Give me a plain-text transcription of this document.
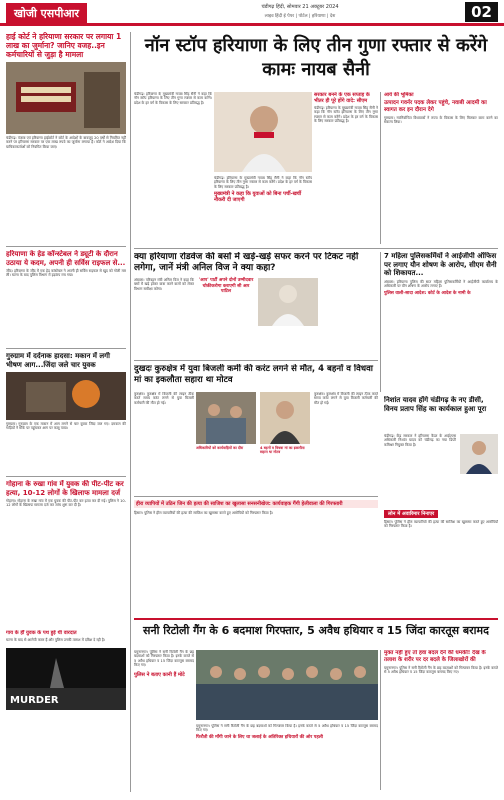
खोजी एसपीआर	चंडीगढ़ हिंदी, सोमवार 21 अक्टूबर 2024
लाइव हिंदी ई पेपर | पोर्टल | हरियाणा | देश	02
हाई कोर्ट ने हरियाणा सरकार पर लगाया 1 लाख का जुर्माना? जानिए वजह..इन कर्मचारियों से जुड़ा है मामला
चंडीगढ़। पंजाब एवं हरियाणा हाईकोर्ट ने कोर्ट के आदेशों के बावजूद 20 वर्षों से नियमित नहीं करने पर हरियाणा सरकार पर एक लाख रुपये का जुर्माना लगाया है। कोर्ट ने आदेश दिया कि याचिकाकर्ताओं को नियमित किया जाए।
हरियाणा के हेड कॉन्स्टेबल ने ड्यूटी के दौरान उठाया ये कदम, अपनी ही सर्विस राइफल से...
जींद। हरियाणा के जींद में एक हेड कांस्टेबल ने अपनी ही सर्विस राइफल से खुद को गोली मार ली। घटना के बाद पुलिस विभाग में हड़कंप मच गया।
गुरुग्राम में दर्दनाक हादसा: मकान में लगी भीषण आग...जिंदा जले चार युवक
गुरुग्राम। गुरुग्राम के एक मकान में आग लगने से चार युवक जिंदा जल गए। दमकल की गाड़ियों ने मौके पर पहुंचकर आग पर काबू पाया।
गोहाना के रुखा गांव में युवक की पीट-पीट कर हत्या, 10-12 लोगों के खिलाफ मामला दर्ज
गोहाना। गोहाना के रुखा गांव में एक युवक की पीट-पीट कर हत्या कर दी गई। पुलिस ने 10-12 लोगों के खिलाफ मामला दर्ज कर जांच शुरू कर दी है।
गाय के हीं युवक के पथ हुई थी वारदात
घटना के बाद से आरोपी फरार हैं और पुलिस उनकी तलाश में दबिश दे रही है।
MURDER
नॉन स्टॉप हरियाणा के लिए तीन गुणा रफ्तार से करेंगे कामः नायब सैनी
चंडीगढ़। हरियाणा के मुख्यमंत्री नायब सिंह सैनी ने कहा कि नॉन स्टॉप हरियाणा के लिए तीन गुणा रफ्तार से काम करेंगे। प्रदेश के हर वर्ग के विकास के लिए सरकार प्रतिबद्ध है।
चंडीगढ़। हरियाणा के मुख्यमंत्री नायब सिंह सैनी ने कहा कि नॉन स्टॉप हरियाणा के लिए तीन गुणा रफ्तार से काम करेंगे। प्रदेश के हर वर्ग के विकास के लिए सरकार प्रतिबद्ध है।
मुख्यमंत्री ने कहा कि युवाओं को बिना पर्ची-खर्ची नौकरी दी जाएगी
सरकार बनने के एक सप्ताह के भीतर ही पूरे होंगे वादे: सीएम
चंडीगढ़। हरियाणा के मुख्यमंत्री नायब सिंह सैनी ने कहा कि नॉन स्टॉप हरियाणा के लिए तीन गुणा रफ्तार से काम करेंगे। प्रदेश के हर वर्ग के विकास के लिए सरकार प्रतिबद्ध है।
आर्य की भूमिका
उत्पादन गवर्नर पदक लेकर पहुंचे, नवाबी आदमी का स्वागत कर इन दौरान देगे
गुरुग्राम। नवनिर्वाचित विधायकों ने राज्य के विकास के लिए मिलकर काम करने का संकल्प लिया।
क्या हरियाणा रोडवेज की बसों में खड़े-खड़े सफर करने पर टिकट नहीं लगेगा, जानें मंत्री अनिल विज ने क्या कहा?
अंबाला। परिवहन मंत्री अनिल विज ने कहा कि बसों में खड़े होकर यात्रा करने वालों को लेकर विभाग समीक्षा करेगा।
'आप' पार्टी अपने दोनों उम्मीदवार चोकीकरोगा कराएगी सी आर पाटिल
7 महिला पुलिसकर्मियों ने आईजीपी ऑफिस पर लगाए यौन शोषण के आरोप, सीएम सैनी को शिकायत...
अंबाला। हरियाणा पुलिस की सात महिला पुलिसकर्मियों ने आईजीपी कार्यालय के अधिकारी पर यौन शोषण के आरोप लगाए हैं।
पुलिस वाली-सादा आदेश: कोर्ट के आदेश के नामी के
दुखदः कुरुक्षेत्र में युवा बिजली कर्मी की करंट लगने से मौत, 4 बहनों व विधवा मां का इकलौता सहारा था मोटव
कुरुक्षेत्र। कुरुक्षेत्र में बिजली की लाइन ठीक करते समय करंट लगने से युवा बिजली कर्मचारी की मौत हो गई।
अधिकारियों को कार्यवाहियों का दौरा	4 बहनों व विधवा मां का इकलौता सहारा था मोटव
कुरुक्षेत्र। कुरुक्षेत्र में बिजली की लाइन ठीक करते समय करंट लगने से युवा बिजली कर्मचारी की मौत हो गई।	निशांत यादव होंगे चंडीगढ़ के नए डीसी, विनय प्रताप सिंह का कार्यकाल हुआ पूरा
चंडीगढ़। केंद्र सरकार ने हरियाणा कैडर के आईएएस अधिकारी निशांत यादव को चंडीगढ़ का नया डिप्टी कमिश्नर नियुक्त किया है।
लोन में अवारिमार निनाएर
हीरा व्यापियों में उठिन जिन की हत्या की साजिश का खुलासा सनसनीखेज: कार्यवाहक गैंगी हेलीवाला की गिरफ्तारी
हिसार। पुलिस ने हीरा व्यापारियों की हत्या की साजिश का खुलासा करते हुए आरोपियों को गिरफ्तार किया है।
हिसार। पुलिस ने हीरा व्यापारियों की हत्या की साजिश का खुलासा करते हुए आरोपियों को गिरफ्तार किया है।
सनी रिटोली गैंग के 6 बदमाश गिरफ्तार, 5 अवैध हथियार व 15 जिंदा कारतूस बरामद
यमुनानगर। पुलिस ने सनी रिटोली गैंग के छह बदमाशों को गिरफ्तार किया है। इनके कब्जे से 5 अवैध हथियार व 15 जिंदा कारतूस बरामद किए गए।
पुलिस ने बताए कानी हैं मोटे
यमुनानगर। पुलिस ने सनी रिटोली गैंग के छह बदमाशों को गिरफ्तार किया है। इनके कब्जे से 5 अवैध हथियार व 15 जिंदा कारतूस बरामद किए गए।
फिरौती की माँगी जाने के लिए था जलाई के अतिरिक्त हथियारों की ओर पहली
मुक्त नहीं हुए तो हवा बदल देने की धमकी! देख के तलाश के शरीर पर दर बदले के जिलाखोरों की
यमुनानगर। पुलिस ने सनी रिटोली गैंग के छह बदमाशों को गिरफ्तार किया है। इनके कब्जे से 5 अवैध हथियार व 15 जिंदा कारतूस बरामद किए गए।
